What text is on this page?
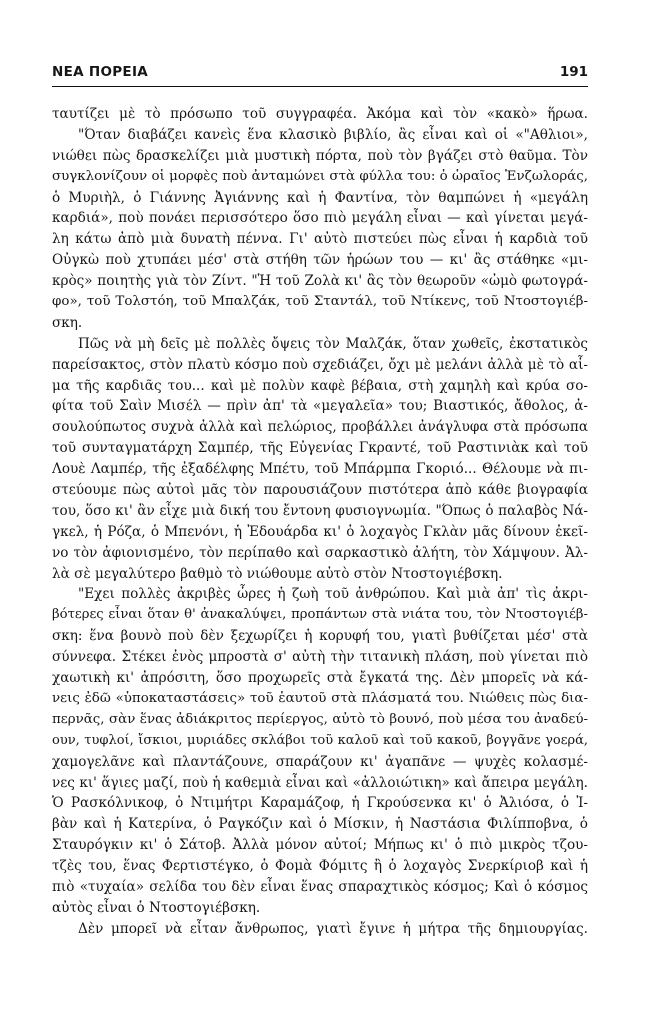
ΝΕΑ ΠΟΡΕΙΑ	191
ταυτίζει μὲ τὸ πρόσωπο τοῦ συγγραφέα. Ἀκόμα καὶ τὸν «κακὸ» ἥρωα.
"Όταν διαβάζει κανεὶς ἕνα κλασικὸ βιβλίο, ἂς εἶναι καὶ οἱ «"Αθλιοι»,
νιώθει πὼς δρασκελίζει μιὰ μυστικὴ πόρτα, ποὺ τὸν βγάζει στὸ θαῦμα. Τὸν
συγκλονίζουν οἱ μορφὲς ποὺ ἀνταμώνει στὰ φύλλα του: ὁ ὡραῖος Ἐνζωλοράς,
ὁ Μυριὴλ, ὁ Γιάννης Ἀγιάννης καὶ ἡ Φαντίνα, τὸν θαμπώνει ἡ «μεγάλη
καρδιά», ποὺ πονάει περισσότερο ὅσο πιὸ μεγάλη εἶναι — καὶ γίνεται μεγά-
λη κάτω ἀπὸ μιὰ δυνατὴ πέννα. Γι' αὐτὸ πιστεύει πὼς εἶναι ἡ καρδιὰ τοῦ
Οὐγκὼ ποὺ χτυπάει μέσ' στὰ στήθη τῶν ἡρώων του — κι' ἂς στάθηκε «μι-
κρὸς» ποιητὴς γιὰ τὸν Ζίντ. "Ἡ τοῦ Ζολὰ κι' ἂς τὸν θεωροῦν «ὠμὸ φωτογρά-
φο», τοῦ Τολστόη, τοῦ Μπαλζάκ, τοῦ Σταντάλ, τοῦ Ντίκενς, τοῦ Ντοστογιέβ-
σκη.
Πῶς νὰ μὴ δεῖς μὲ πολλὲς ὄψεις τὸν Μαλζάκ, ὅταν χωθεῖς, ἐκστατικὸς
παρείσακτος, στὸν πλατὺ κόσμο ποὺ σχεδιάζει, ὄχι μὲ μελάνι ἀλλὰ μὲ τὸ αἷ-
μα τῆς καρδιᾶς του... καὶ μὲ πολὺν καφὲ βέβαια, στὴ χαμηλὴ καὶ κρύα σο-
φίτα τοῦ Σαὶν Μισέλ — πρὶν ἀπ' τὰ «μεγαλεῖα» του; Βιαστικός, ἄθολος, ἀ-
σουλούπωτος συχνὰ ἀλλὰ καὶ πελώριος, προβάλλει ἀνάγλυφα στὰ πρόσωπα
τοῦ συνταγματάρχη Σαμπέρ, τῆς Εὐγενίας Γκραντέ, τοῦ Ραστινιὰκ καὶ τοῦ
Λουὲ Λαμπέρ, τῆς ἐξαδέλφης Μπέτυ, τοῦ Μπάρμπα Γκοριό... Θέλουμε νὰ πι-
στεύουμε πὼς αὐτοὶ μᾶς τὸν παρουσιάζουν πιστότερα ἀπὸ κάθε βιογραφία
του, ὅσο κι' ἂν εἶχε μιὰ δική του ἔντονη φυσιογνωμία. "Όπως ὁ παλαβὸς Νά-
γκελ, ἡ Ρόζα, ὁ Μπενόνι, ἡ Ἐδουάρδα κι' ὁ λοχαγὸς Γκλὰν μᾶς δίνουν ἐκεῖ-
νο τὸν ἀφιονισμένο, τὸν περίπαθο καὶ σαρκαστικὸ ἀλήτη, τὸν Χάμψουν. Ἀλ-
λὰ σὲ μεγαλύτερο βαθμὸ τὸ νιώθουμε αὐτὸ στὸν Ντοστογιέβσκη.
"Εχει πολλὲς ἀκριβὲς ὧρες ἡ ζωὴ τοῦ ἀνθρώπου. Καὶ μιὰ ἀπ' τὶς ἀκρι-
βότερες εἶναι ὅταν θ' ἀνακαλύψει, προπάντων στὰ νιάτα του, τὸν Ντοστογιέβ-
σκη: ἕνα βουνὸ ποὺ δὲν ξεχωρίζει ἡ κορυφή του, γιατὶ βυθίζεται μέσ' στὰ
σύννεφα. Στέκει ἐνὸς μπροστὰ σ' αὐτὴ τὴν τιτανικὴ πλάση, ποὺ γίνεται πιὸ
χαωτικὴ κι' ἀπρόσιτη, ὅσο προχωρεῖς στὰ ἔγκατά της. Δὲν μπορεῖς νὰ κά-
νεις ἐδῶ «ὑποκαταστάσεις» τοῦ ἑαυτοῦ στὰ πλάσματά του. Νιώθεις πὼς δια-
περνᾶς, σὰν ἕνας ἀδιάκριτος περίεργος, αὐτὸ τὸ βουνό, ποὺ μέσα του ἀναδεύ-
ουν, τυφλοί, ἴσκιοι, μυριάδες σκλάβοι τοῦ καλοῦ καὶ τοῦ κακοῦ, βογγᾶνε γοερά,
χαμογελᾶνε καὶ πλαντάζουνε, σπαράζουν κι' ἀγαπᾶνε — ψυχὲς κολασμέ-
νες κι' ἅγιες μαζί, ποὺ ἡ καθεμιὰ εἶναι καὶ «ἀλλοιώτικη» καὶ ἄπειρα μεγάλη.
Ὁ Ρασκόλνικοφ, ὁ Ντιμήτρι Καραμάζοφ, ἡ Γκρούσενκα κι' ὁ Ἀλιόσα, ὁ Ἰ-
βὰν καὶ ἡ Κατερίνα, ὁ Ραγκόζιν καὶ ὁ Μίσκιν, ἡ Ναστάσια Φιλίπποβνα, ὁ
Σταυρόγκιν κι' ὁ Σάτοβ. Ἀλλὰ μόνον αὐτοί; Μήπως κι' ὁ πιὸ μικρὸς τζου-
τζὲς του, ἕνας Φερτιστέγκο, ὁ Φομὰ Φόμιτς ἢ ὁ λοχαγὸς Σνερκίριοβ καὶ ἡ
πιὸ «τυχαία» σελίδα του δὲν εἶναι ἕνας σπαραχτικὸς κόσμος; Καὶ ὁ κόσμος
αὐτὸς εἶναι ὁ Ντοστογιέβσκη.
Δὲν μπορεῖ νὰ εἶταν ἄνθρωπος, γιατὶ ἔγινε ἡ μήτρα τῆς δημιουργίας.
